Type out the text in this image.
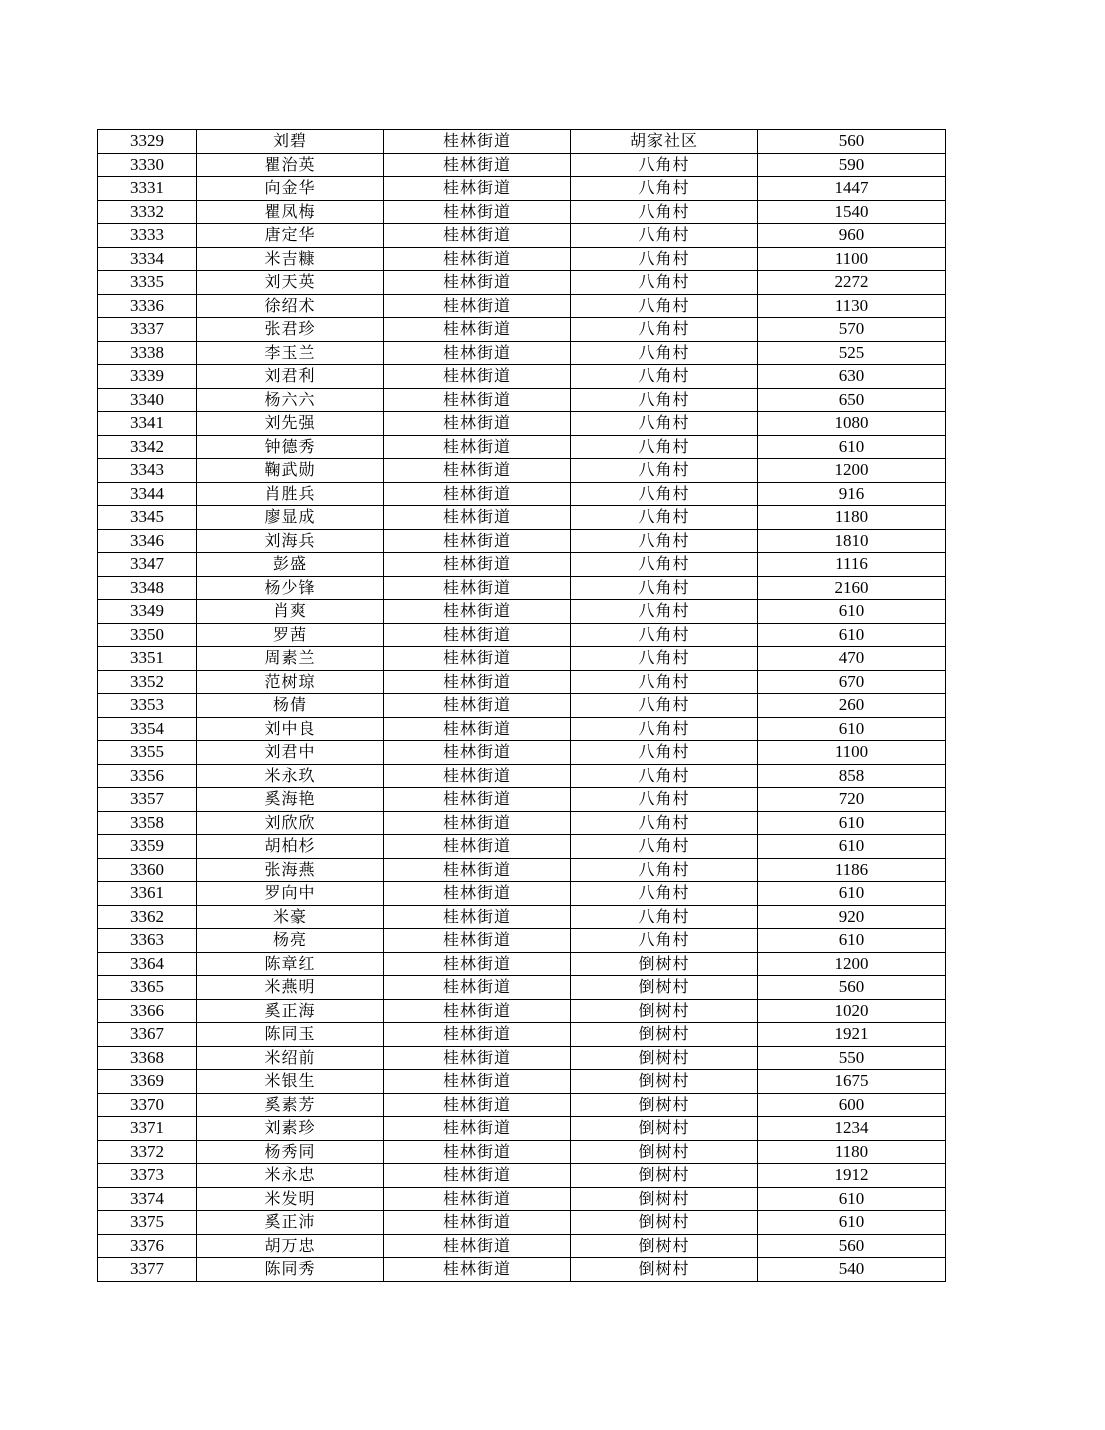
3329	刘碧	桂林街道	胡家社区	560
3330	瞿治英	桂林街道	八角村	590
3331	向金华	桂林街道	八角村	1447
3332	瞿凤梅	桂林街道	八角村	1540
3333	唐定华	桂林街道	八角村	960
3334	米吉糠	桂林街道	八角村	1100
3335	刘天英	桂林街道	八角村	2272
3336	徐绍术	桂林街道	八角村	1130
3337	张君珍	桂林街道	八角村	570
3338	李玉兰	桂林街道	八角村	525
3339	刘君利	桂林街道	八角村	630
3340	杨六六	桂林街道	八角村	650
3341	刘先强	桂林街道	八角村	1080
3342	钟德秀	桂林街道	八角村	610
3343	鞠武勋	桂林街道	八角村	1200
3344	肖胜兵	桂林街道	八角村	916
3345	廖显成	桂林街道	八角村	1180
3346	刘海兵	桂林街道	八角村	1810
3347	彭盛	桂林街道	八角村	1116
3348	杨少锋	桂林街道	八角村	2160
3349	肖爽	桂林街道	八角村	610
3350	罗茜	桂林街道	八角村	610
3351	周素兰	桂林街道	八角村	470
3352	范树琼	桂林街道	八角村	670
3353	杨倩	桂林街道	八角村	260
3354	刘中良	桂林街道	八角村	610
3355	刘君中	桂林街道	八角村	1100
3356	米永玖	桂林街道	八角村	858
3357	奚海艳	桂林街道	八角村	720
3358	刘欣欣	桂林街道	八角村	610
3359	胡柏杉	桂林街道	八角村	610
3360	张海燕	桂林街道	八角村	1186
3361	罗向中	桂林街道	八角村	610
3362	米豪	桂林街道	八角村	920
3363	杨亮	桂林街道	八角村	610
3364	陈章红	桂林街道	倒树村	1200
3365	米燕明	桂林街道	倒树村	560
3366	奚正海	桂林街道	倒树村	1020
3367	陈同玉	桂林街道	倒树村	1921
3368	米绍前	桂林街道	倒树村	550
3369	米银生	桂林街道	倒树村	1675
3370	奚素芳	桂林街道	倒树村	600
3371	刘素珍	桂林街道	倒树村	1234
3372	杨秀同	桂林街道	倒树村	1180
3373	米永忠	桂林街道	倒树村	1912
3374	米发明	桂林街道	倒树村	610
3375	奚正沛	桂林街道	倒树村	610
3376	胡万忠	桂林街道	倒树村	560
3377	陈同秀	桂林街道	倒树村	540
